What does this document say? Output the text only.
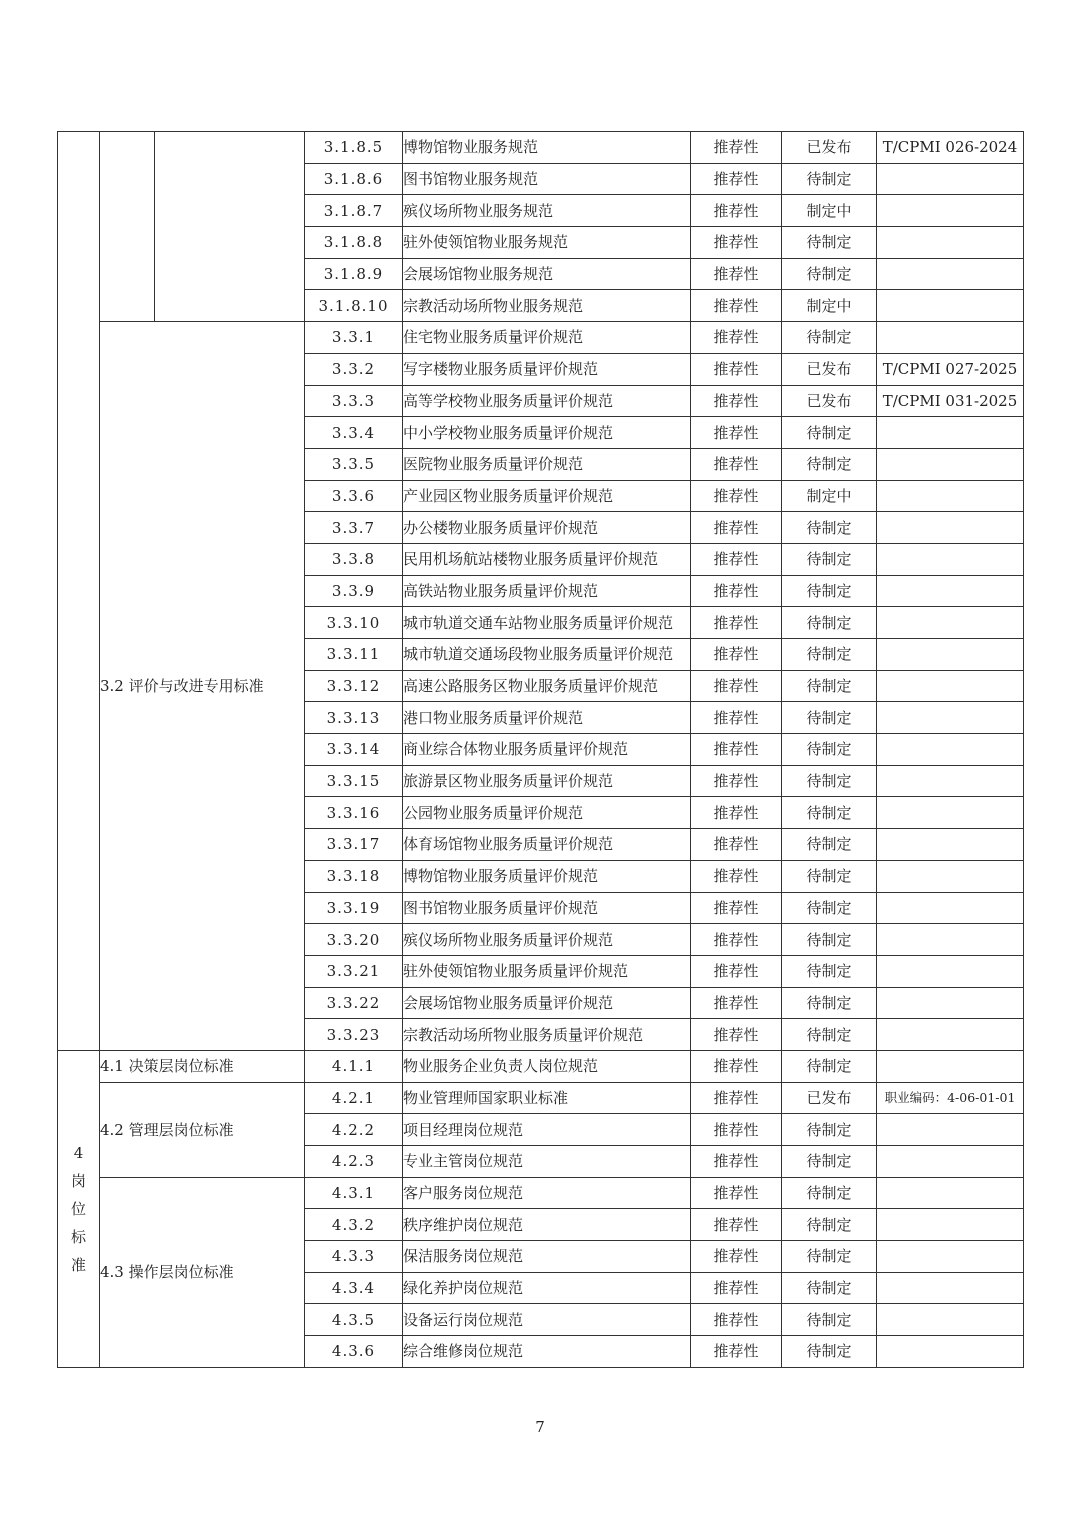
			3.1.8.5	博物馆物业服务规范	推荐性	已发布	T/CPMI 026-2024
			3.1.8.6	图书馆物业服务规范	推荐性	待制定	
			3.1.8.7	殡仪场所物业服务规范	推荐性	制定中	
			3.1.8.8	驻外使领馆物业服务规范	推荐性	待制定	
			3.1.8.9	会展场馆物业服务规范	推荐性	待制定	
			3.1.8.10	宗教活动场所物业服务规范	推荐性	制定中	
	3.2 评价与改进专用标准		3.3.1	住宅物业服务质量评价规范	推荐性	待制定	
			3.3.2	写字楼物业服务质量评价规范	推荐性	已发布	T/CPMI 027-2025
			3.3.3	高等学校物业服务质量评价规范	推荐性	已发布	T/CPMI 031-2025
			3.3.4	中小学校物业服务质量评价规范	推荐性	待制定	
			3.3.5	医院物业服务质量评价规范	推荐性	待制定	
			3.3.6	产业园区物业服务质量评价规范	推荐性	制定中	
			3.3.7	办公楼物业服务质量评价规范	推荐性	待制定	
			3.3.8	民用机场航站楼物业服务质量评价规范	推荐性	待制定	
			3.3.9	高铁站物业服务质量评价规范	推荐性	待制定	
			3.3.10	城市轨道交通车站物业服务质量评价规范	推荐性	待制定	
			3.3.11	城市轨道交通场段物业服务质量评价规范	推荐性	待制定	
			3.3.12	高速公路服务区物业服务质量评价规范	推荐性	待制定	
			3.3.13	港口物业服务质量评价规范	推荐性	待制定	
			3.3.14	商业综合体物业服务质量评价规范	推荐性	待制定	
			3.3.15	旅游景区物业服务质量评价规范	推荐性	待制定	
			3.3.16	公园物业服务质量评价规范	推荐性	待制定	
			3.3.17	体育场馆物业服务质量评价规范	推荐性	待制定	
			3.3.18	博物馆物业服务质量评价规范	推荐性	待制定	
			3.3.19	图书馆物业服务质量评价规范	推荐性	待制定	
			3.3.20	殡仪场所物业服务质量评价规范	推荐性	待制定	
			3.3.21	驻外使领馆物业服务质量评价规范	推荐性	待制定	
			3.3.22	会展场馆物业服务质量评价规范	推荐性	待制定	
			3.3.23	宗教活动场所物业服务质量评价规范	推荐性	待制定	

4
岗
位
标
准	4.1 决策层岗位标准		4.1.1	物业服务企业负责人岗位规范	推荐性	待制定	
	4.2 管理层岗位标准		4.2.1	物业管理师国家职业标准	推荐性	已发布	职业编码：4-06-01-01
			4.2.2	项目经理岗位规范	推荐性	待制定	
			4.2.3	专业主管岗位规范	推荐性	待制定	
	4.3 操作层岗位标准		4.3.1	客户服务岗位规范	推荐性	待制定	
			4.3.2	秩序维护岗位规范	推荐性	待制定	
			4.3.3	保洁服务岗位规范	推荐性	待制定	
			4.3.4	绿化养护岗位规范	推荐性	待制定	
			4.3.5	设备运行岗位规范	推荐性	待制定	
			4.3.6	综合维修岗位规范	推荐性	待制定	
7
